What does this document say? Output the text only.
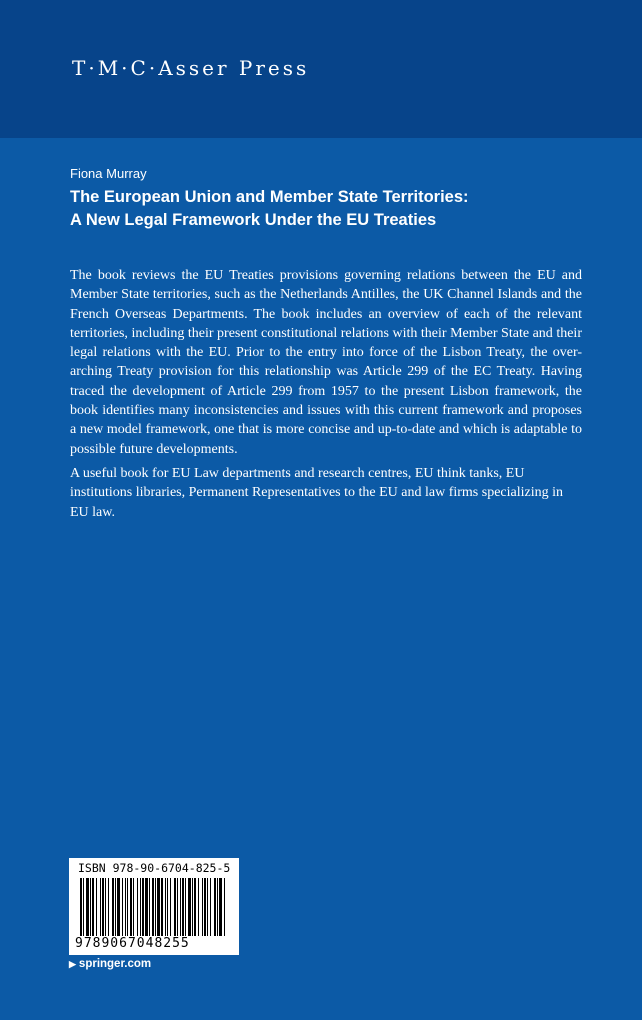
T·M·C·Asser Press
Fiona Murray
The European Union and Member State Territories:
A New Legal Framework Under the EU Treaties

The book reviews the EU Treaties provisions governing relations between the EU and Member State territories, such as the Netherlands Antilles, the UK Channel Islands and the French Overseas Departments. The book includes an overview of each of the relevant territories, including their present constitutional relations with their Member State and their legal relations with the EU. Prior to the entry into force of the Lisbon Treaty, the over-arching Treaty provision for this relationship was Article 299 of the EC Treaty. Having traced the development of Article 299 from 1957 to the present Lisbon framework, the book identifies many inconsistencies and issues with this current framework and proposes a new model framework, one that is more concise and up-to-date and which is adaptable to possible future developments.

A useful book for EU Law departments and research centres, EU think tanks, EU institutions libraries, Permanent Representatives to the EU and law firms specializing in EU law.

ISBN 978-90-6704-825-5
9789067048255
▶ springer.com
